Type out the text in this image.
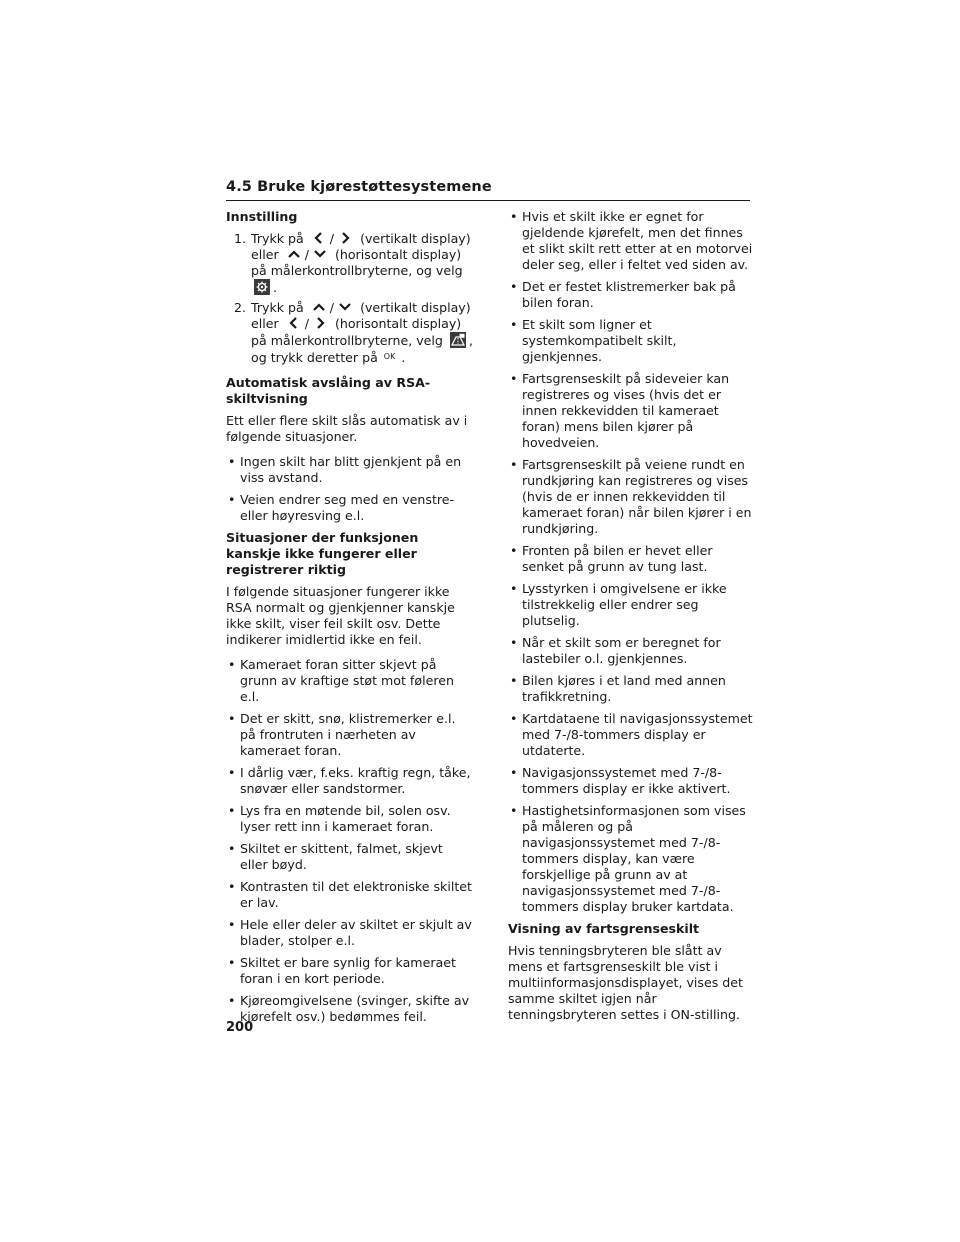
4.5 Bruke kjørestøttesystemene
Innstilling
1. Trykk på / (vertikalt display) eller / (horisontalt display) på målerkontrollbryterne, og velg
.
2. Trykk på / (vertikalt display) eller / (horisontalt display) på målerkontrollbryterne, velg , og trykk deretter på OK .
Automatisk avslåing av RSA-skiltvisning
Ett eller flere skilt slås automatisk av i følgende situasjoner.
• Ingen skilt har blitt gjenkjent på en viss avstand.
• Veien endrer seg med en venstre- eller høyresving e.l.
Situasjoner der funksjonen kanskje ikke fungerer eller registrerer riktig
I følgende situasjoner fungerer ikke RSA normalt og gjenkjenner kanskje ikke skilt, viser feil skilt osv. Dette indikerer imidlertid ikke en feil.
• Kameraet foran sitter skjevt på grunn av kraftige støt mot føleren e.l.
• Det er skitt, snø, klistremerker e.l. på frontruten i nærheten av kameraet foran.
• I dårlig vær, f.eks. kraftig regn, tåke, snøvær eller sandstormer.
• Lys fra en møtende bil, solen osv. lyser rett inn i kameraet foran.
• Skiltet er skittent, falmet, skjevt eller bøyd.
• Kontrasten til det elektroniske skiltet er lav.
• Hele eller deler av skiltet er skjult av blader, stolper e.l.
• Skiltet er bare synlig for kameraet foran i en kort periode.
• Kjøreomgivelsene (svinger, skifte av kjørefelt osv.) bedømmes feil.
• Hvis et skilt ikke er egnet for gjeldende kjørefelt, men det finnes et slikt skilt rett etter at en motorvei deler seg, eller i feltet ved siden av.
• Det er festet klistremerker bak på bilen foran.
• Et skilt som ligner et systemkompatibelt skilt, gjenkjennes.
• Fartsgrenseskilt på sideveier kan registreres og vises (hvis det er innen rekkevidden til kameraet foran) mens bilen kjører på hovedveien.
• Fartsgrenseskilt på veiene rundt en rundkjøring kan registreres og vises (hvis de er innen rekkevidden til kameraet foran) når bilen kjører i en rundkjøring.
• Fronten på bilen er hevet eller senket på grunn av tung last.
• Lysstyrken i omgivelsene er ikke tilstrekkelig eller endrer seg plutselig.
• Når et skilt som er beregnet for lastebiler o.l. gjenkjennes.
• Bilen kjøres i et land med annen trafikkretning.
• Kartdataene til navigasjonssystemet med 7-/8-tommers display er utdaterte.
• Navigasjonssystemet med 7-/8-tommers display er ikke aktivert.
• Hastighetsinformasjonen som vises på måleren og på navigasjonssystemet med 7-/8-tommers display, kan være forskjellige på grunn av at navigasjonssystemet med 7-/8-tommers display bruker kartdata.
Visning av fartsgrenseskilt
Hvis tenningsbryteren ble slått av mens et fartsgrenseskilt ble vist i multiinformasjonsdisplayet, vises det samme skiltet igjen når tenningsbryteren settes i ON-stilling.
200
